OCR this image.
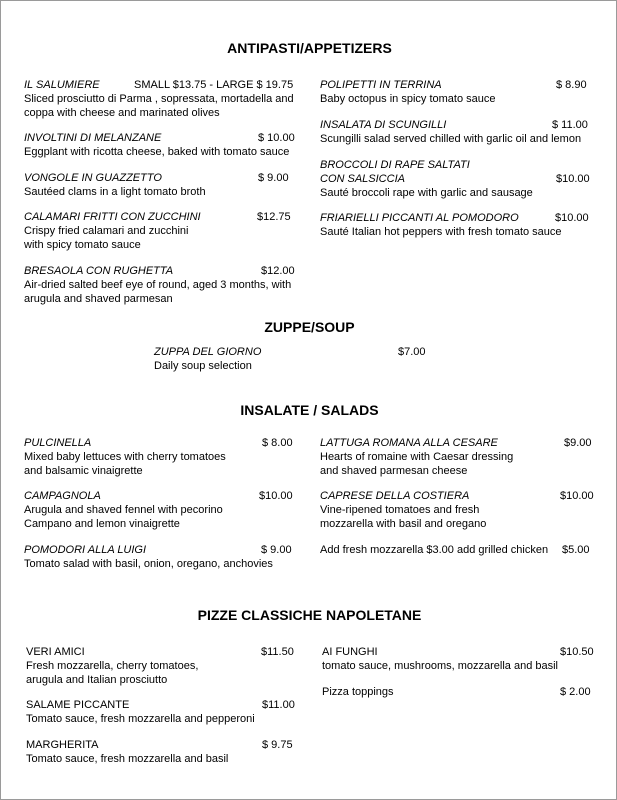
ANTIPASTI/APPETIZERS
IL SALUMIERE	SMALL $13.75 - LARGE $ 19.75
Sliced prosciutto di Parma , sopressata, mortadella and
coppa with cheese and marinated olives
INVOLTINI DI MELANZANE	$ 10.00
Eggplant with ricotta cheese, baked with tomato sauce
VONGOLE IN GUAZZETTO	$ 9.00
Sautéed clams in a light tomato broth
CALAMARI FRITTI CON ZUCCHINI	$12.75
Crispy fried calamari and zucchini
with spicy tomato sauce
BRESAOLA CON RUGHETTA	$12.00
Air-dried salted beef eye of round, aged 3 months, with
arugula and shaved parmesan
POLIPETTI IN TERRINA	$ 8.90
Baby octopus in spicy tomato sauce
INSALATA DI SCUNGILLI	$ 11.00
Scungilli salad served chilled with garlic oil and lemon
BROCCOLI DI RAPE SALTATI
CON SALSICCIA	$10.00
Sauté broccoli rape with garlic and sausage
FRIARIELLI PICCANTI AL POMODORO	$10.00
Sauté Italian hot peppers with fresh tomato sauce
ZUPPE/SOUP
ZUPPA DEL GIORNO	$7.00
Daily soup selection
INSALATE / SALADS
PULCINELLA	$ 8.00
Mixed baby lettuces with cherry tomatoes
and balsamic vinaigrette
CAMPAGNOLA	$10.00
Arugula and shaved fennel with pecorino
Campano and lemon vinaigrette
POMODORI ALLA LUIGI	$ 9.00
Tomato salad with basil, onion, oregano, anchovies
LATTUGA ROMANA ALLA CESARE	$9.00
Hearts of romaine with Caesar dressing
and shaved parmesan cheese
CAPRESE DELLA COSTIERA	$10.00
Vine-ripened tomatoes and fresh
mozzarella with basil and oregano
Add fresh mozzarella $3.00 add grilled chicken	$5.00
PIZZE CLASSICHE NAPOLETANE
VERI AMICI	$11.50
Fresh mozzarella, cherry tomatoes,
arugula and Italian prosciutto
SALAME PICCANTE	$11.00
Tomato sauce, fresh mozzarella and pepperoni
MARGHERITA	$ 9.75
Tomato sauce, fresh mozzarella and basil
AI FUNGHI	$10.50
tomato sauce, mushrooms, mozzarella and basil
Pizza toppings	$ 2.00
